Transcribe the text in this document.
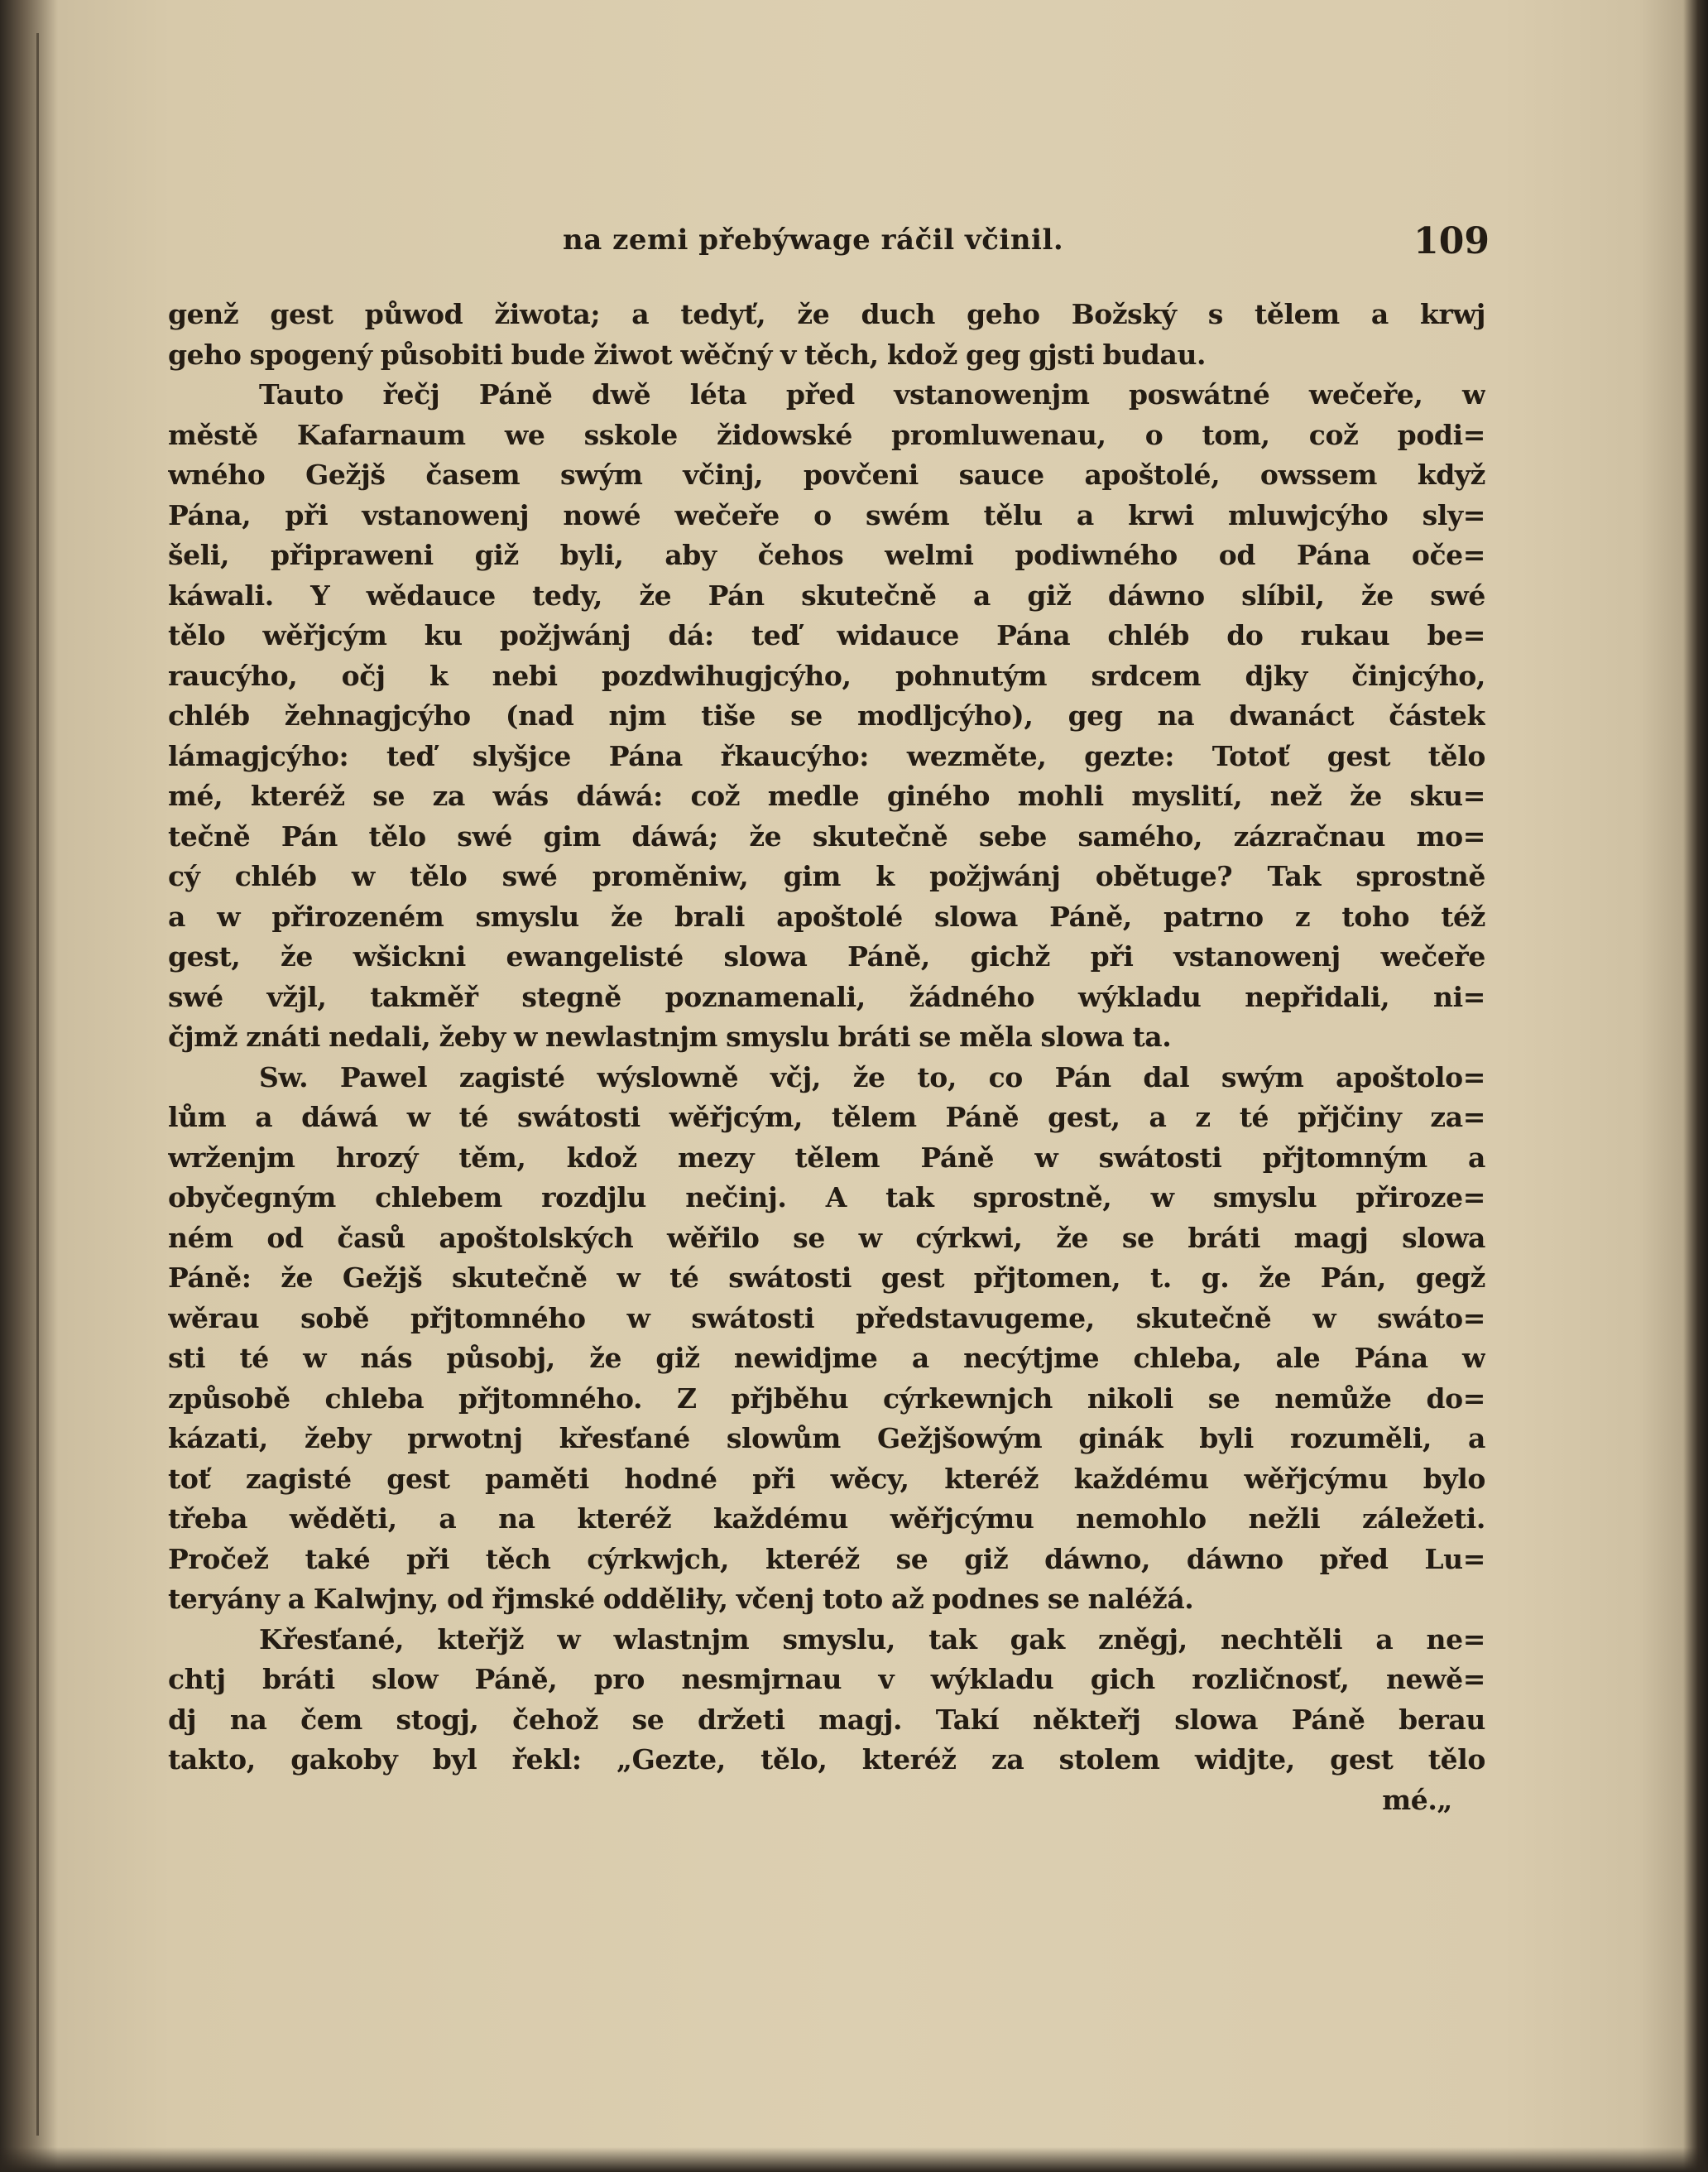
na zemi přebýwage ráčil včinil.	109
genž gest půwod žiwota; a tedyť, že duch geho Božský s tělem a krwj
geho spogený působiti bude žiwot wěčný v těch, kdož geg gjsti budau.
Tauto řečj Páně dwě léta před vstanowenjm poswátné wečeře, w
městě Kafarnaum we sskole židowské promluwenau, o tom, což podi=
wného Gežjš časem swým včinj, povčeni sauce apoštolé, owssem když
Pána, při vstanowenj nowé wečeře o swém tělu a krwi mluwjcýho sly=
šeli, připraweni giž byli, aby čehos welmi podiwného od Pána oče=
káwali. Y wědauce tedy, že Pán skutečně a giž dáwno slíbil, že swé
tělo wěřjcým ku požjwánj dá: teď widauce Pána chléb do rukau be=
raucýho, očj k nebi pozdwihugjcýho, pohnutým srdcem djky činjcýho,
chléb žehnagjcýho (nad njm tiše se modljcýho), geg na dwanáct částek
lámagjcýho: teď slyšjce Pána řkaucýho: wezměte, gezte: Totoť gest tělo
mé, kteréž se za wás dáwá: což medle giného mohli myslití, než že sku=
tečně Pán tělo swé gim dáwá; že skutečně sebe samého, zázračnau mo=
cý chléb w tělo swé proměniw, gim k požjwánj obětuge? Tak sprostně
a w přirozeném smyslu že brali apoštolé slowa Páně, patrno z toho též
gest, že wšickni ewangelisté slowa Páně, gichž při vstanowenj wečeře
swé vžjl, takměř stegně poznamenali, žádného wýkladu nepřidali, ni=
čjmž znáti nedali, žeby w newlastnjm smyslu bráti se měla slowa ta.
Sw. Pawel zagisté wýslowně včj, že to, co Pán dal swým apoštolo=
lům a dáwá w té swátosti wěřjcým, tělem Páně gest, a z té přjčiny za=
wrženjm hrozý těm, kdož mezy tělem Páně w swátosti přjtomným a
obyčegným chlebem rozdjlu nečinj. A tak sprostně, w smyslu přiroze=
ném od časů apoštolských wěřilo se w cýrkwi, že se bráti magj slowa
Páně: že Gežjš skutečně w té swátosti gest přjtomen, t. g. že Pán, gegž
wěrau sobě přjtomného w swátosti představugeme, skutečně w swáto=
sti té w nás působj, že giž newidjme a necýtjme chleba, ale Pána w
způsobě chleba přjtomného. Z přjběhu cýrkewnjch nikoli se nemůže do=
kázati, žeby prwotnj křesťané slowům Gežjšowým ginák byli rozuměli, a
toť zagisté gest paměti hodné při wěcy, kteréž každému wěřjcýmu bylo
třeba wěděti, a na kteréž každému wěřjcýmu nemohlo nežli záležeti.
Pročež také při těch cýrkwjch, kteréž se giž dáwno, dáwno před Lu=
teryány a Kalwjny, od řjmské odděliły, včenj toto až podnes se naléžá.
Křesťané, kteřjž w wlastnjm smyslu, tak gak zněgj, nechtěli a ne=
chtj bráti slow Páně, pro nesmjrnau v wýkladu gich rozličnosť, newě=
dj na čem stogj, čehož se držeti magj. Takí někteřj slowa Páně berau
takto, gakoby byl řekl: „Gezte, tělo, kteréž za stolem widjte, gest tělo
mé.„
